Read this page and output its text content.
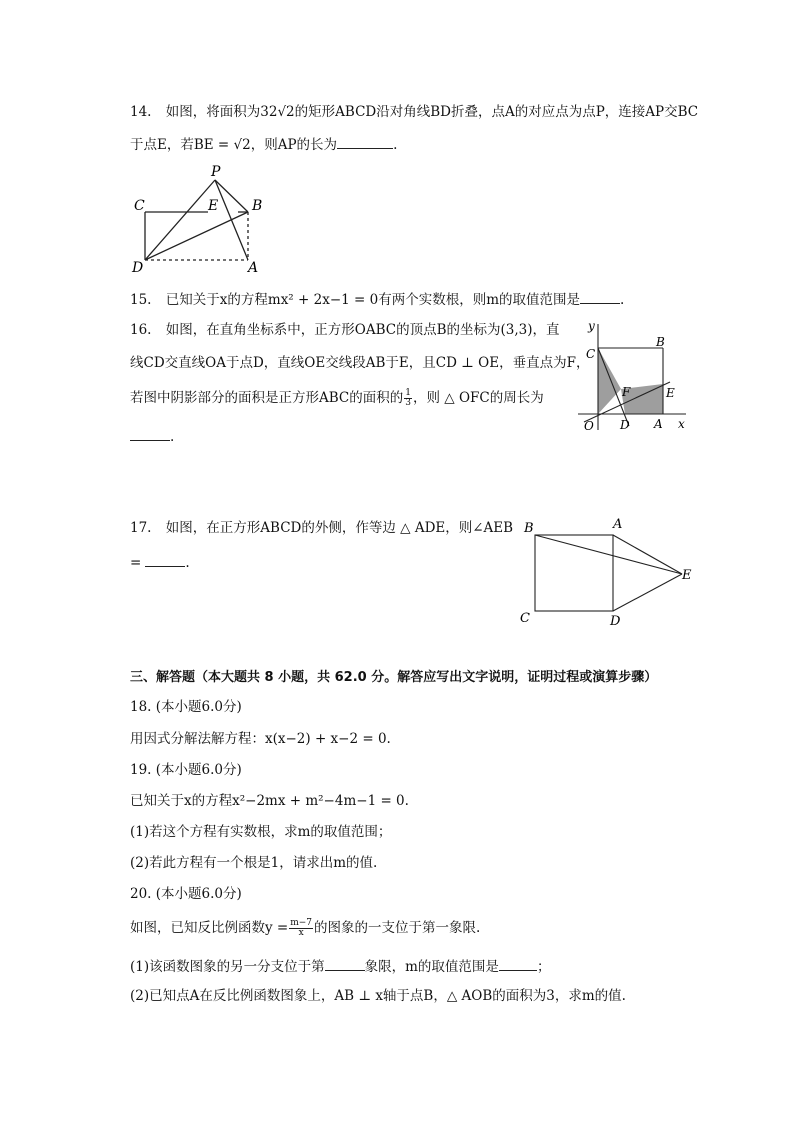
14. 如图，将面积为32√2的矩形ABCD沿对角线BD折叠，点A的对应点为点P，连接AP交BC
于点E，若BE = √2，则AP的长为	.
P
C	E B
D	A
15. 已知关于x的方程mx² + 2x−1 = 0有两个实数根，则m的取值范围是	.
16. 如图，在直角坐标系中，正方形OABC的顶点B的坐标为(3,3)，直
线CD交直线OA于点D，直线OE交线段AB于E，且CD ⊥ OE，垂直点为F，
若图中阴影部分的面积是正方形ABC的面积的 $\frac{1}{3}$ ，则 △ OFC的周长为
.
y
C
B
F	E
O D A x
17. 如图，在正方形ABCD的外侧，作等边 △ ADE，则∠AEB
=	.
B	A
E
C	D
三、解答题（本大题共 8 小题，共 62.0 分。解答应写出文字说明，证明过程或演算步骤）
18. (本小题6.0分)
用因式分解法解方程：x(x−2) + x−2 = 0.
19. (本小题6.0分)
已知关于x的方程x²−2mx + m²−4m−1 = 0.
(1)若这个方程有实数根，求m的取值范围；
(2)若此方程有一个根是1，请求出m的值.
20. (本小题6.0分)
如图，已知反比例函数$y = \frac{m-7}{x}$ 的图象的一支位于第一象限.
(1)该函数图象的另一分支位于第	象限，m的取值范围是	；
(2)已知点A在反比例函数图象上，AB ⊥ x轴于点B，△ AOB的面积为3，求m的值.
